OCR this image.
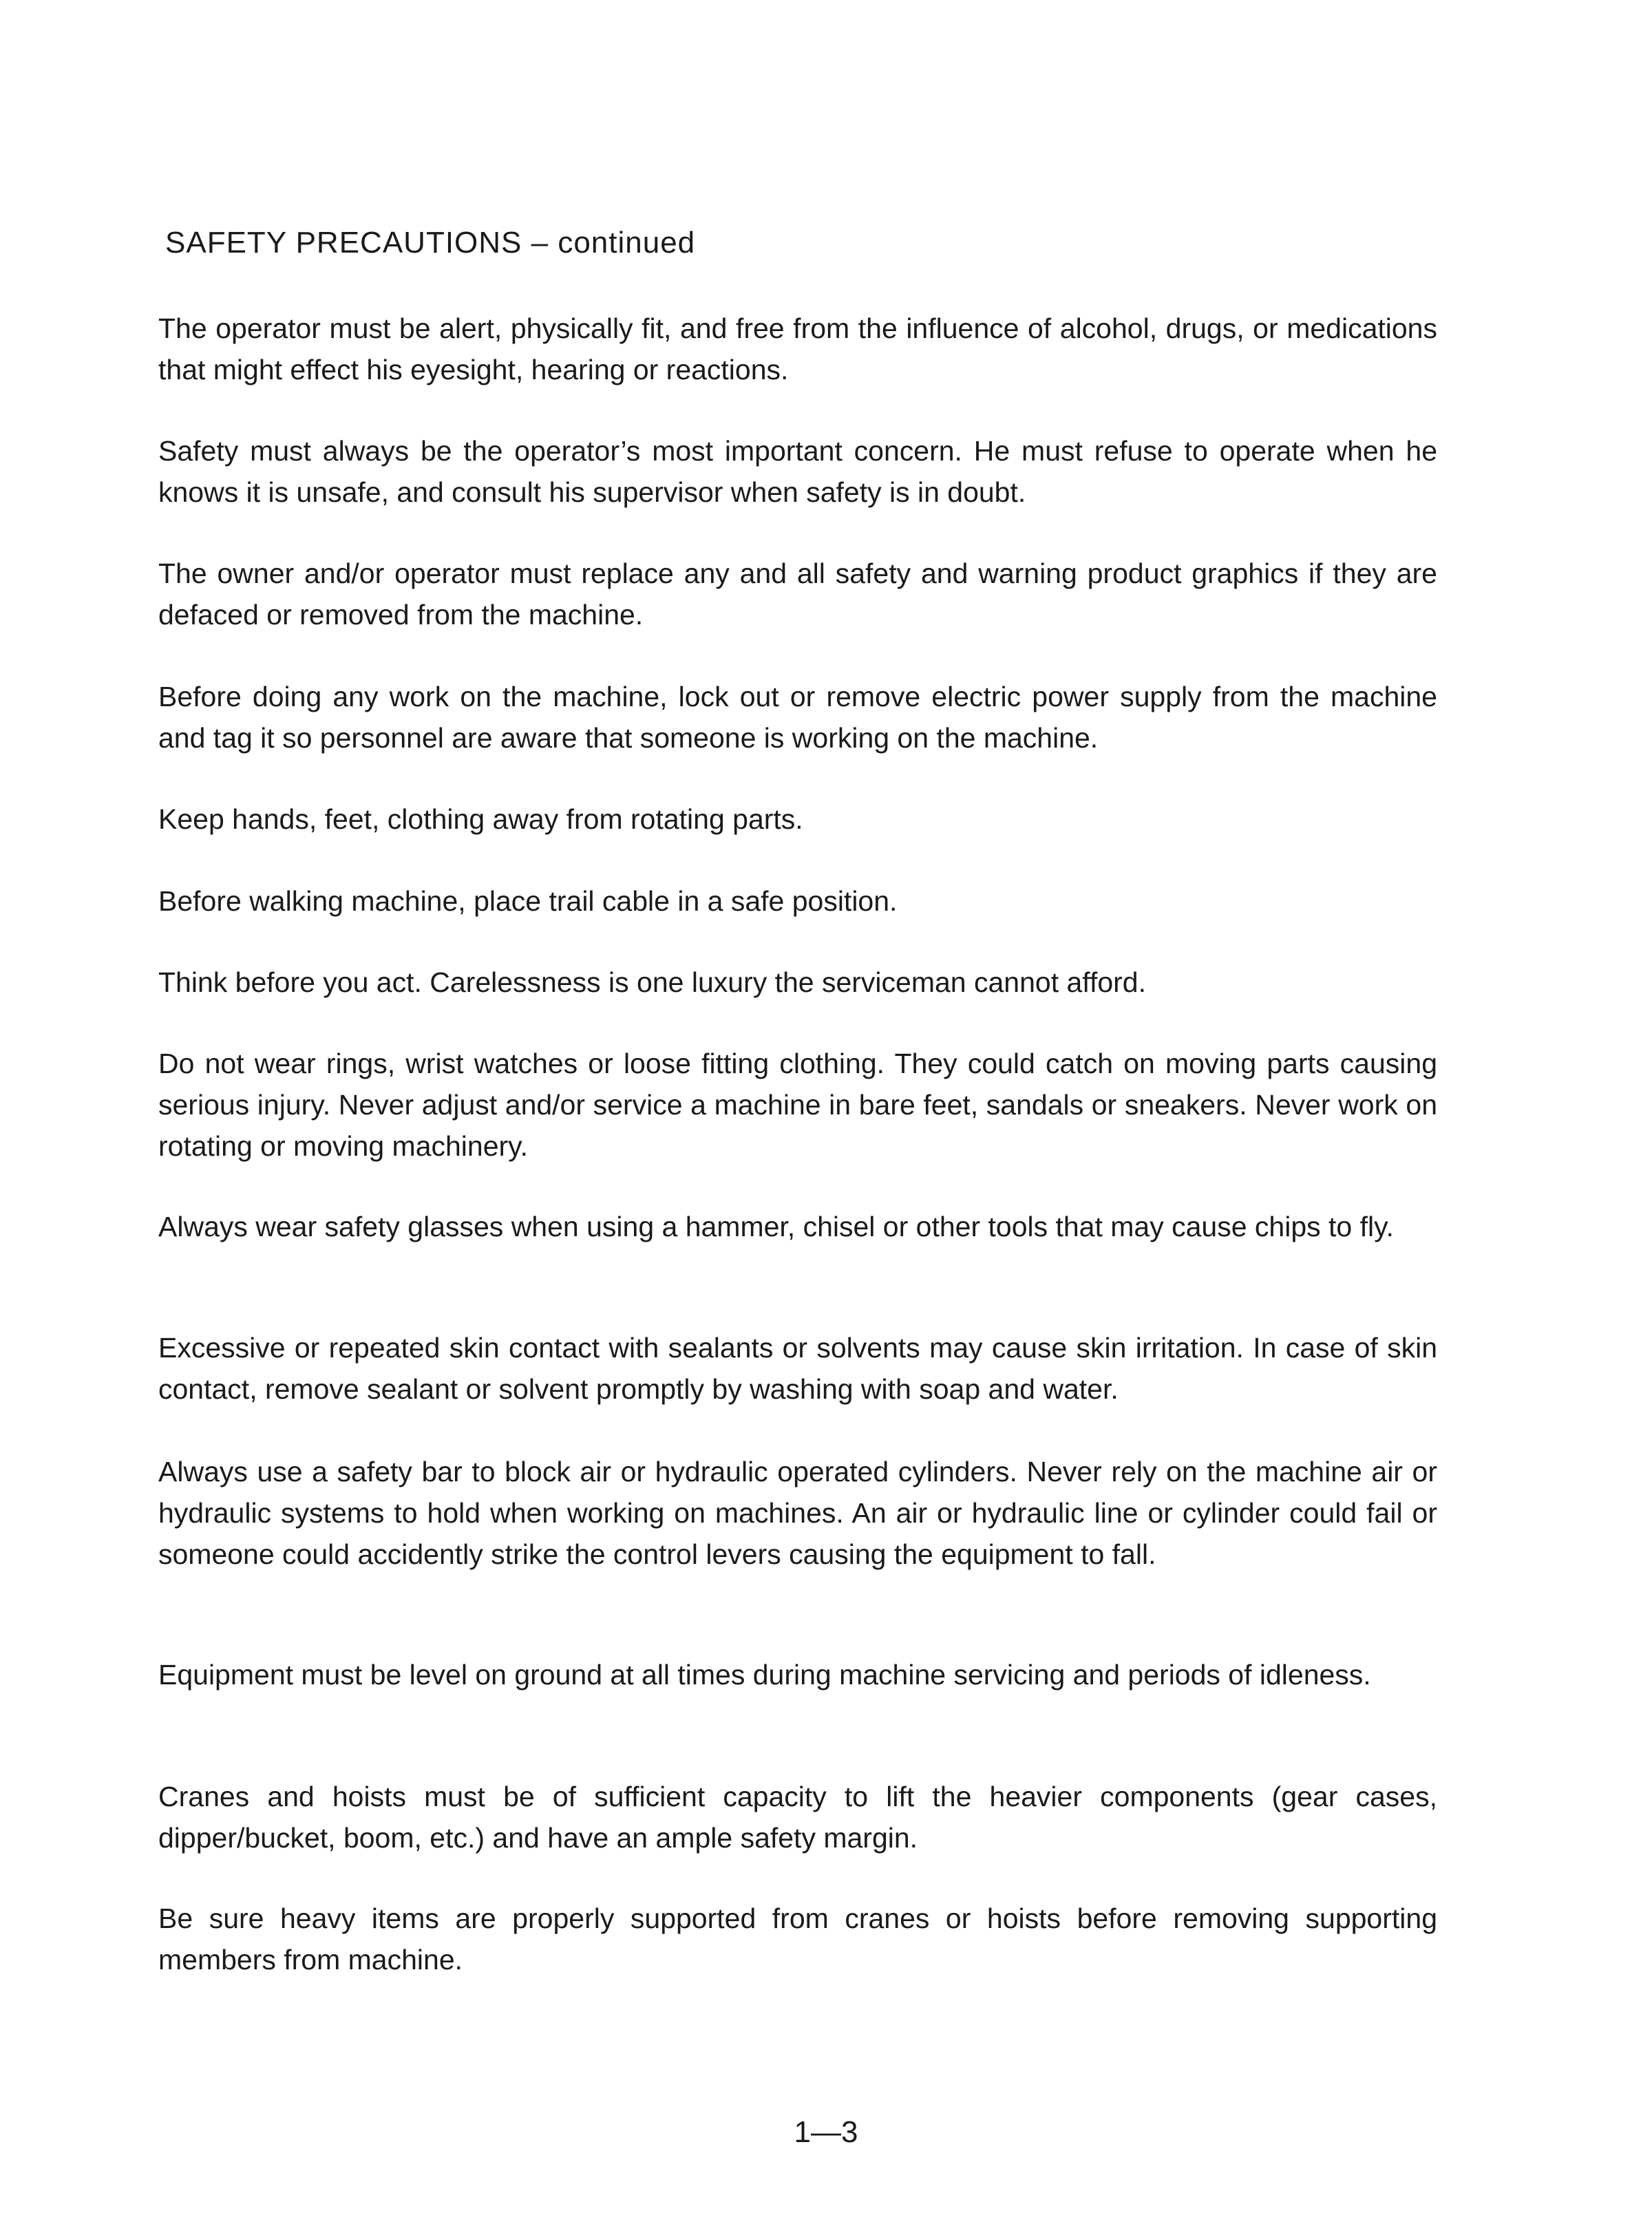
SAFETY PRECAUTIONS – continued

The operator must be alert, physically fit, and free from the influence of alcohol, drugs, or medications that might effect his eyesight, hearing or reactions.

Safety must always be the operator’s most important concern. He must refuse to operate when he knows it is unsafe, and consult his supervisor when safety is in doubt.

The owner and/or operator must replace any and all safety and warning product graphics if they are defaced or removed from the machine.

Before doing any work on the machine, lock out or remove electric power supply from the machine and tag it so personnel are aware that someone is working on the machine.

Keep hands, feet, clothing away from rotating parts.

Before walking machine, place trail cable in a safe position.

Think before you act. Carelessness is one luxury the serviceman cannot afford.

Do not wear rings, wrist watches or loose fitting clothing. They could catch on moving parts causing serious injury. Never adjust and/or service a machine in bare feet, sandals or sneakers. Never work on rotating or moving machinery.

Always wear safety glasses when using a hammer, chisel or other tools that may cause chips to fly.

Excessive or repeated skin contact with sealants or solvents may cause skin irritation. In case of skin contact, remove sealant or solvent promptly by washing with soap and water.

Always use a safety bar to block air or hydraulic operated cylinders. Never rely on the machine air or hydraulic systems to hold when working on machines. An air or hydraulic line or cylinder could fail or someone could accidently strike the control levers causing the equipment to fall.

Equipment must be level on ground at all times during machine servicing and periods of idleness.

Cranes and hoists must be of sufficient capacity to lift the heavier components (gear cases, dipper/bucket, boom, etc.) and have an ample safety margin.

Be sure heavy items are properly supported from cranes or hoists before removing supporting members from machine.

1—3
